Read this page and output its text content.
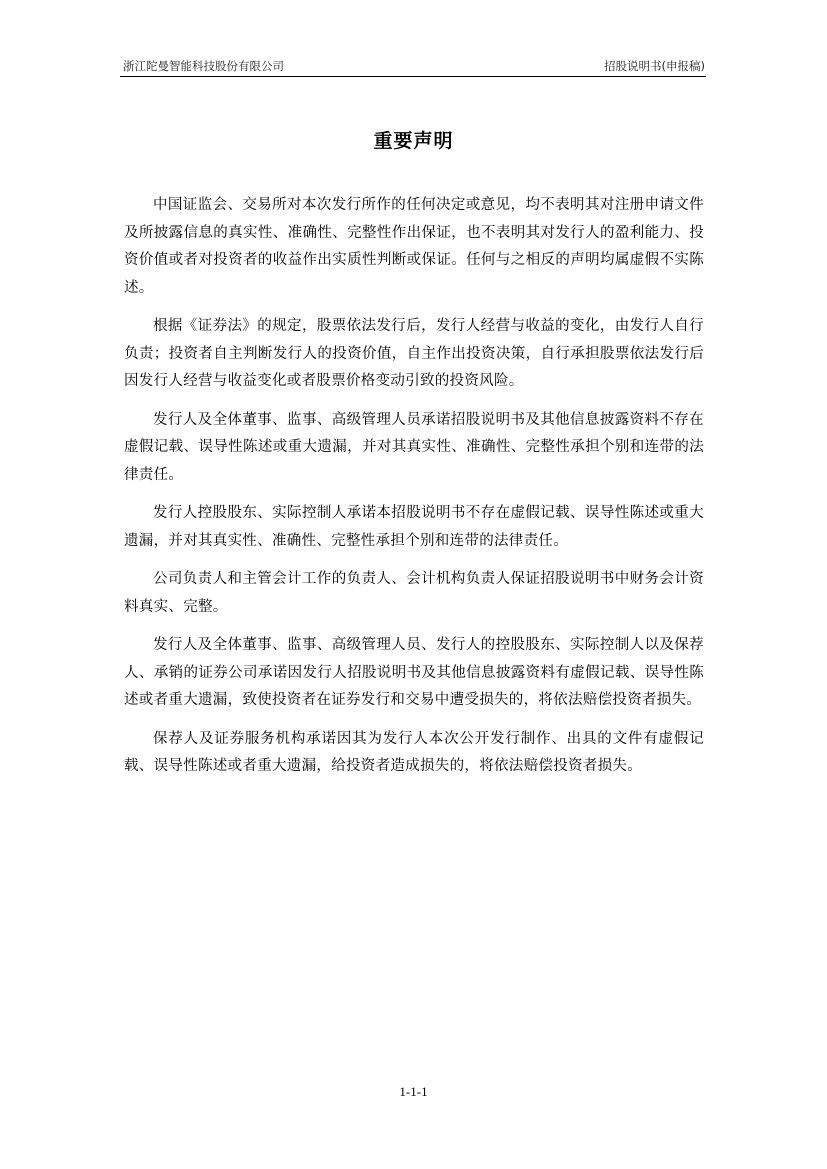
浙江陀曼智能科技股份有限公司	招股说明书(申报稿)
重要声明

中国证监会、交易所对本次发行所作的任何决定或意见，均不表明其对注册申请文件及所披露信息的真实性、准确性、完整性作出保证，也不表明其对发行人的盈利能力、投资价值或者对投资者的收益作出实质性判断或保证。任何与之相反的声明均属虚假不实陈述。

根据《证券法》的规定，股票依法发行后，发行人经营与收益的变化，由发行人自行负责；投资者自主判断发行人的投资价值，自主作出投资决策，自行承担股票依法发行后因发行人经营与收益变化或者股票价格变动引致的投资风险。

发行人及全体董事、监事、高级管理人员承诺招股说明书及其他信息披露资料不存在虚假记载、误导性陈述或重大遗漏，并对其真实性、准确性、完整性承担个别和连带的法律责任。

发行人控股股东、实际控制人承诺本招股说明书不存在虚假记载、误导性陈述或重大遗漏，并对其真实性、准确性、完整性承担个别和连带的法律责任。

公司负责人和主管会计工作的负责人、会计机构负责人保证招股说明书中财务会计资料真实、完整。

发行人及全体董事、监事、高级管理人员、发行人的控股股东、实际控制人以及保荐人、承销的证券公司承诺因发行人招股说明书及其他信息披露资料有虚假记载、误导性陈述或者重大遗漏，致使投资者在证券发行和交易中遭受损失的，将依法赔偿投资者损失。

保荐人及证券服务机构承诺因其为发行人本次公开发行制作、出具的文件有虚假记载、误导性陈述或者重大遗漏，给投资者造成损失的，将依法赔偿投资者损失。

1-1-1
